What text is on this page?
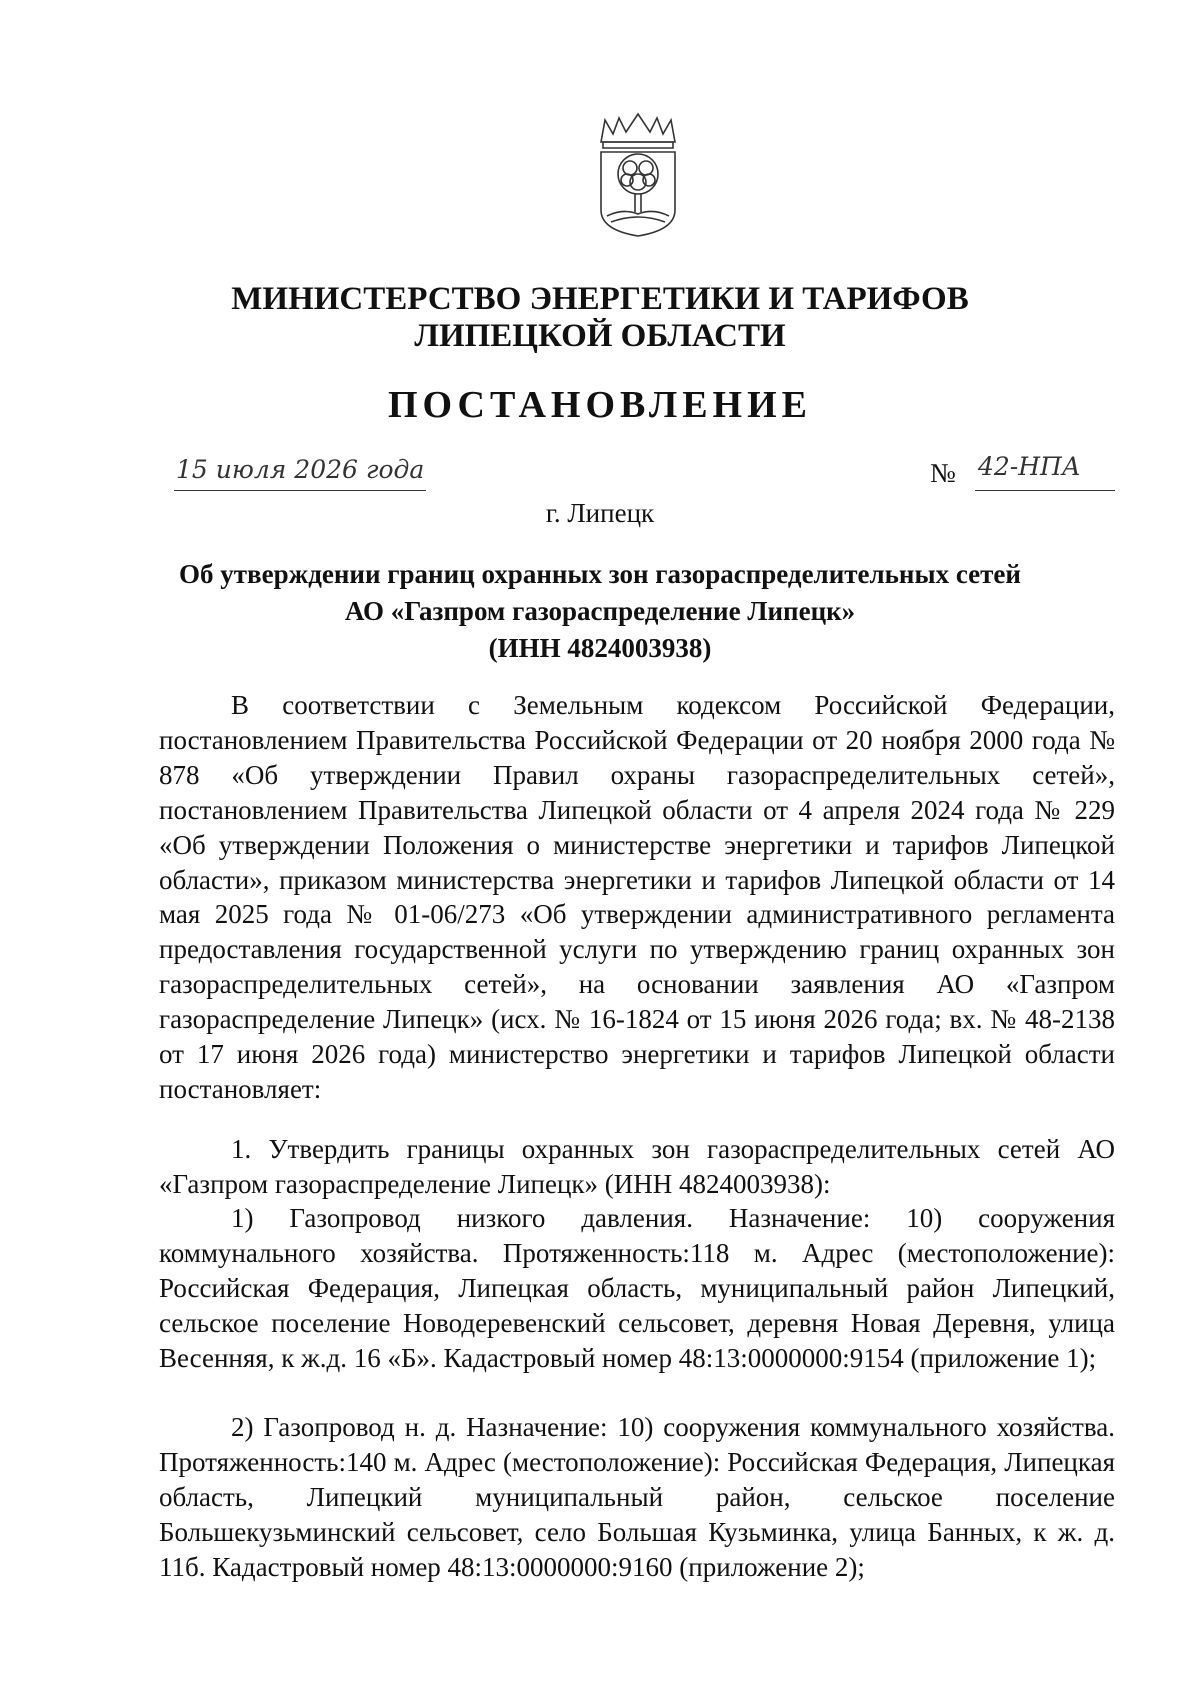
МИНИСТЕРСТВО ЭНЕРГЕТИКИ И ТАРИФОВ
ЛИПЕЦКОЙ ОБЛАСТИ
ПОСТАНОВЛЕНИЕ
15 июля 2026 года	№ 42-НПА
г. Липецк
Об утверждении границ охранных зон газораспределительных сетей
АО «Газпром газораспределение Липецк»
(ИНН 4824003938)
В соответствии с Земельным кодексом Российской Федерации, постановлением Правительства Российской Федерации от 20 ноября 2000 года № 878 «Об утверждении Правил охраны газораспределительных сетей», постановлением Правительства Липецкой области от 4 апреля 2024 года № 229 «Об утверждении Положения о министерстве энергетики и тарифов Липецкой области», приказом министерства энергетики и тарифов Липецкой области от 14 мая 2025 года № 01-06/273 «Об утверждении административного регламента предоставления государственной услуги по утверждению границ охранных зон газораспределительных сетей», на основании заявления АО «Газпром газораспределение Липецк» (исх. № 16-1824 от 15 июня 2026 года; вх. № 48-2138 от 17 июня 2026 года) министерство энергетики и тарифов Липецкой области постановляет:
1. Утвердить границы охранных зон газораспределительных сетей АО «Газпром газораспределение Липецк» (ИНН 4824003938):
1) Газопровод низкого давления. Назначение: 10) сооружения коммунального хозяйства. Протяженность:118 м. Адрес (местоположение): Российская Федерация, Липецкая область, муниципальный район Липецкий, сельское поселение Новодеревенский сельсовет, деревня Новая Деревня, улица Весенняя, к ж.д. 16 «Б». Кадастровый номер 48:13:0000000:9154 (приложение 1);
2) Газопровод н. д. Назначение: 10) сооружения коммунального хозяйства. Протяженность:140 м. Адрес (местоположение): Российская Федерация, Липецкая область, Липецкий муниципальный район, сельское поселение Большекузьминский сельсовет, село Большая Кузьминка, улица Банных, к ж. д. 11б. Кадастровый номер 48:13:0000000:9160 (приложение 2);
